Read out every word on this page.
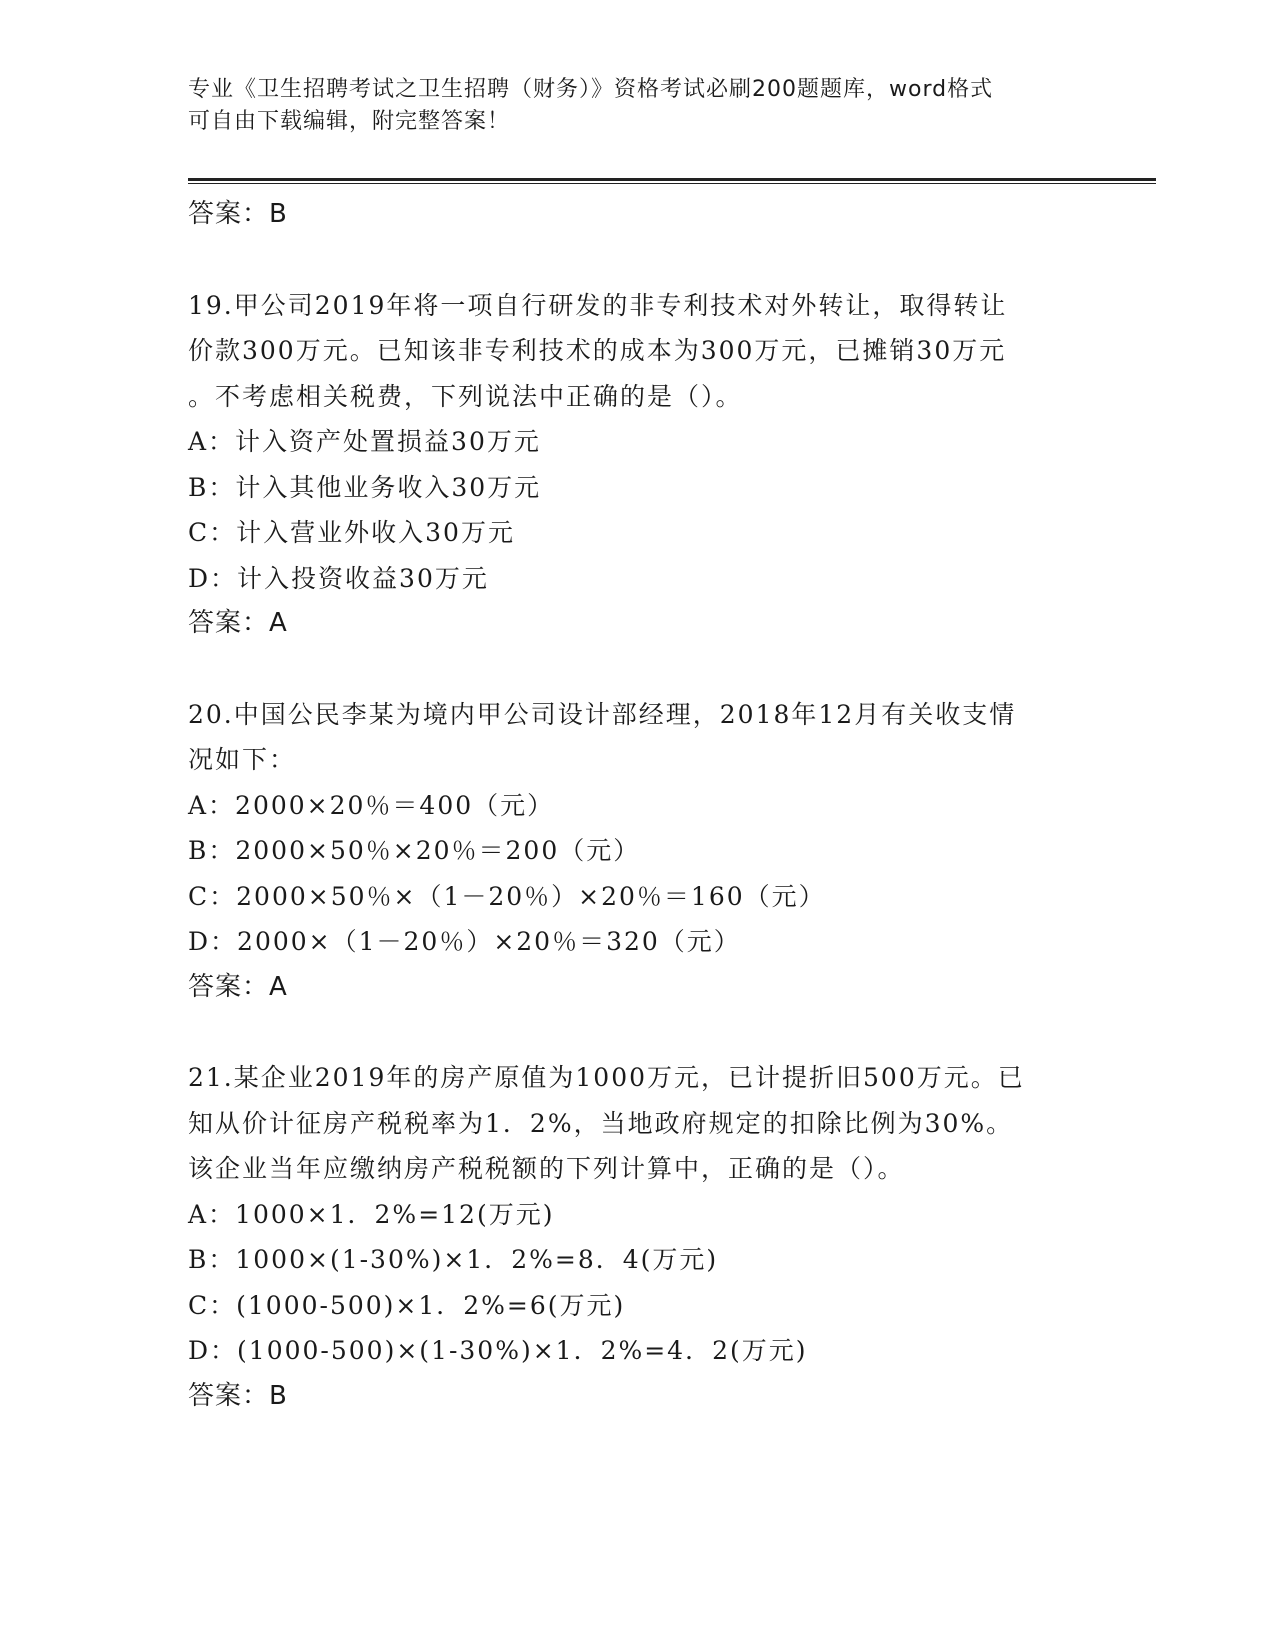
专业《卫生招聘考试之卫生招聘（财务）》资格考试必刷200题题库，word格式
可自由下载编辑，附完整答案！
答案：B
19.甲公司2019年将一项自行研发的非专利技术对外转让，取得转让
价款300万元。已知该非专利技术的成本为300万元，已摊销30万元
。不考虑相关税费，下列说法中正确的是（）。
A：计入资产处置损益30万元
B：计入其他业务收入30万元
C：计入营业外收入30万元
D：计入投资收益30万元
答案：A
20.中国公民李某为境内甲公司设计部经理，2018年12月有关收支情
况如下：
A：2000×20％＝400（元）
B：2000×50％×20％＝200（元）
C：2000×50％×（1－20％）×20％＝160（元）
D：2000×（1－20％）×20％＝320（元）
答案：A
21.某企业2019年的房产原值为1000万元，已计提折旧500万元。已
知从价计征房产税税率为1．2%，当地政府规定的扣除比例为30%。
该企业当年应缴纳房产税税额的下列计算中，正确的是（）。
A：1000×1．2%=12(万元)
B：1000×(1-30%)×1．2%=8．4(万元)
C：(1000-500)×1．2%=6(万元)
D：(1000-500)×(1-30%)×1．2%=4．2(万元)
答案：B
